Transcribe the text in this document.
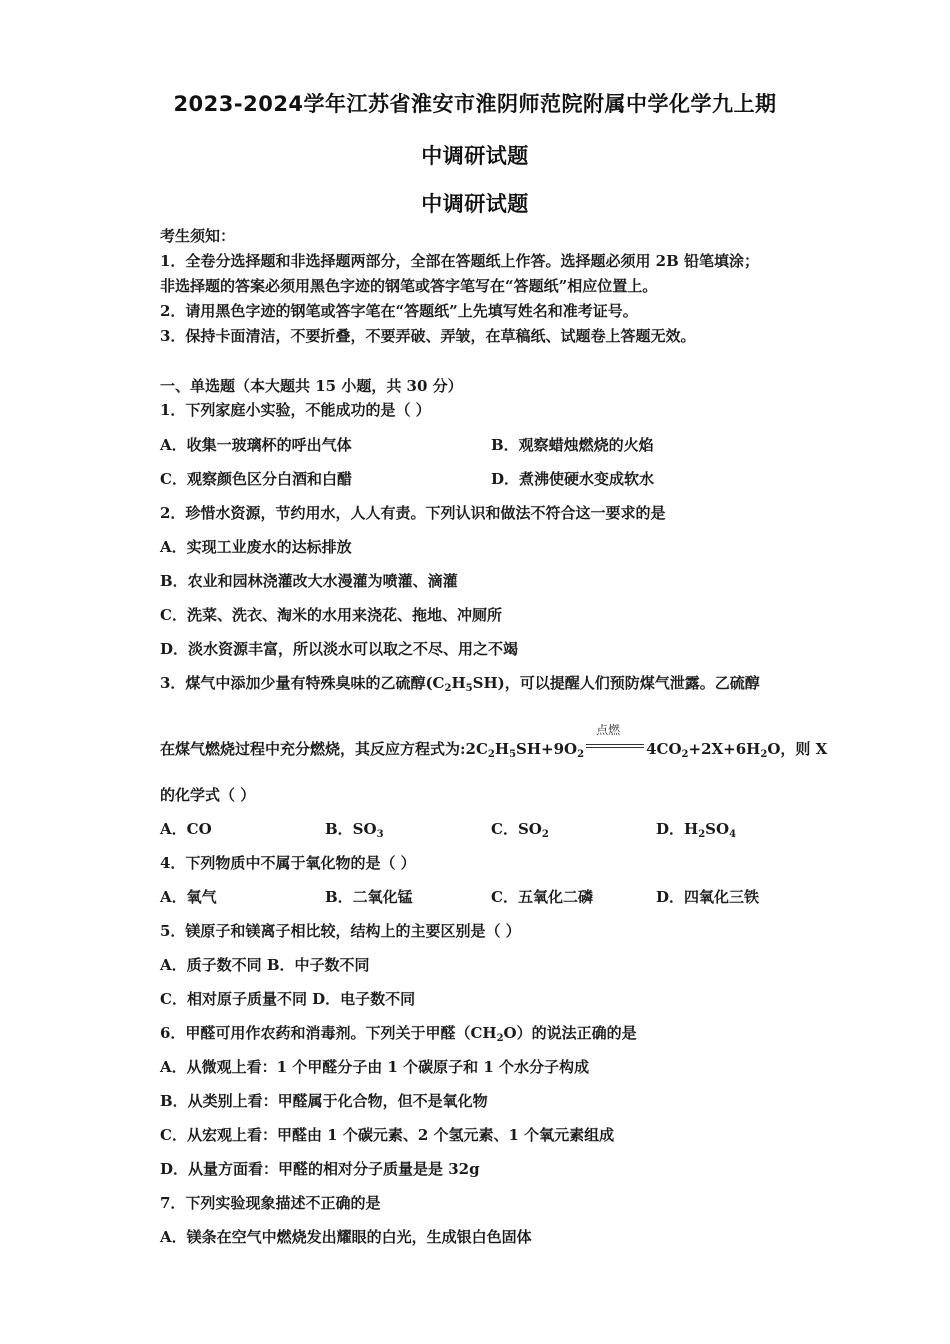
2023-2024学年江苏省淮安市淮阴师范院附属中学化学九上期
中调研试题
中调研试题
考生须知：
1．全卷分选择题和非选择题两部分，全部在答题纸上作答。选择题必须用 2B 铅笔填涂；
非选择题的答案必须用黑色字迹的钢笔或答字笔写在“答题纸”相应位置上。
2．请用黑色字迹的钢笔或答字笔在“答题纸”上先填写姓名和准考证号。
3．保持卡面清洁，不要折叠，不要弄破、弄皱，在草稿纸、试题卷上答题无效。
一、单选题（本大题共 15 小题，共 30 分）
1．下列家庭小实验，不能成功的是（ ）
A．收集一玻璃杯的呼出气体	B．观察蜡烛燃烧的火焰
C．观察颜色区分白酒和白醋	D．煮沸使硬水变成软水
2．珍惜水资源，节约用水，人人有责。下列认识和做法不符合这一要求的是
A．实现工业废水的达标排放
B．农业和园林浇灌改大水漫灌为喷灌、滴灌
C．洗菜、洗衣、淘米的水用来浇花、拖地、冲厕所
D．淡水资源丰富，所以淡水可以取之不尽、用之不竭
3．煤气中添加少量有特殊臭味的乙硫醇$(C_2H_5SH)$，可以提醒人们预防煤气泄露。乙硫醇
在煤气燃烧过程中充分燃烧，其反应方程式为$:2C_2H_5SH+9O_2$
点燃
$4CO_2+2X+6H_2O$，则 X
的化学式（ ）
A．CO	B．$SO_3$	C．$SO_2$	D．$H_2SO_4$
4．下列物质中不属于氧化物的是（ ）
A．氧气	B．二氧化锰	C．五氧化二磷	D．四氧化三铁
5．镁原子和镁离子相比较，结构上的主要区别是（ ）
A．质子数不同 B．中子数不同
C．相对原子质量不同 D．电子数不同
6．甲醛可用作农药和消毒剂。下列关于甲醛$(CH_2O)$的说法正确的是
A．从微观上看：1 个甲醛分子由 1 个碳原子和 1 个水分子构成
B．从类别上看：甲醛属于化合物，但不是氧化物
C．从宏观上看：甲醛由 1 个碳元素、2 个氢元素、1 个氧元素组成
D．从量方面看：甲醛的相对分子质量是是 32g
7．下列实验现象描述不正确的是
A．镁条在空气中燃烧发出耀眼的白光，生成银白色固体
